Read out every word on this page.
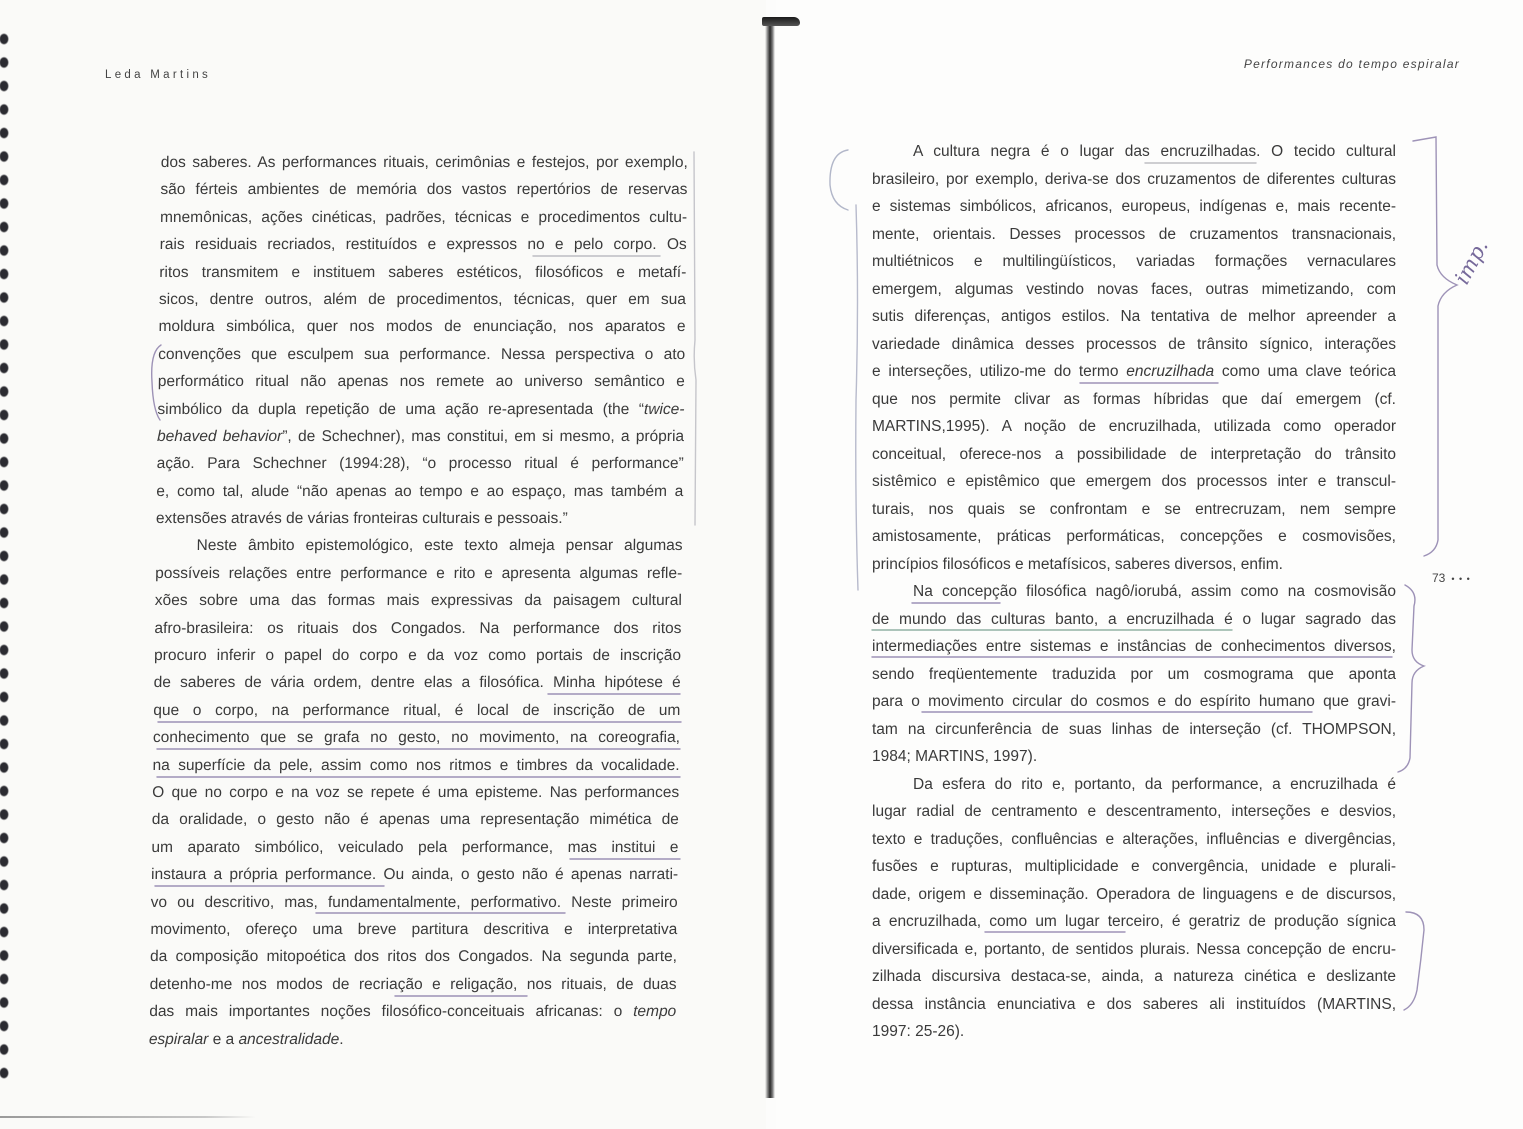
Leda Martins
dos saberes. As performances rituais, cerimônias e festejos, por exemplo,
são férteis ambientes de memória dos vastos repertórios de reservas
mnemônicas, ações cinéticas, padrões, técnicas e procedimentos cultu-
rais residuais recriados, restituídos e expressos no e pelo corpo. Os
ritos transmitem e instituem saberes estéticos, filosóficos e metafí-
sicos, dentre outros, além de procedimentos, técnicas, quer em sua
moldura simbólica, quer nos modos de enunciação, nos aparatos e
convenções que esculpem sua performance. Nessa perspectiva o ato
performático ritual não apenas nos remete ao universo semântico e
simbólico da dupla repetição de uma ação re-apresentada (the “twice-
behaved behavior”, de Schechner), mas constitui, em si mesmo, a própria
ação. Para Schechner (1994:28), “o processo ritual é performance”
e, como tal, alude “não apenas ao tempo e ao espaço, mas também a
extensões através de várias fronteiras culturais e pessoais.”
Neste âmbito epistemológico, este texto almeja pensar algumas
possíveis relações entre performance e rito e apresenta algumas refle-
xões sobre uma das formas mais expressivas da paisagem cultural
afro-brasileira: os rituais dos Congados. Na performance dos ritos
procuro inferir o papel do corpo e da voz como portais de inscrição
de saberes de vária ordem, dentre elas a filosófica. Minha hipótese é
que o corpo, na performance ritual, é local de inscrição de um
conhecimento que se grafa no gesto, no movimento, na coreografia,
na superfície da pele, assim como nos ritmos e timbres da vocalidade.
O que no corpo e na voz se repete é uma episteme. Nas performances
da oralidade, o gesto não é apenas uma representação mimética de
um aparato simbólico, veiculado pela performance, mas institui e
instaura a própria performance. Ou ainda, o gesto não é apenas narrati-
vo ou descritivo, mas, fundamentalmente, performativo. Neste primeiro
movimento, ofereço uma breve partitura descritiva e interpretativa
da composição mitopoética dos ritos dos Congados. Na segunda parte,
detenho-me nos modos de recriação e religação, nos rituais, de duas
das mais importantes noções filosófico-conceituais africanas: o tempo
espiralar e a ancestralidade.
Performances do tempo espiralar
A cultura negra é o lugar das encruzilhadas. O tecido cultural
brasileiro, por exemplo, deriva-se dos cruzamentos de diferentes culturas
e sistemas simbólicos, africanos, europeus, indígenas e, mais recente-
mente, orientais. Desses processos de cruzamentos transnacionais,
multiétnicos e multilingüísticos, variadas formações vernaculares
emergem, algumas vestindo novas faces, outras mimetizando, com
sutis diferenças, antigos estilos. Na tentativa de melhor apreender a
variedade dinâmica desses processos de trânsito sígnico, interações
e interseções, utilizo-me do termo encruzilhada como uma clave teórica
que nos permite clivar as formas híbridas que daí emergem (cf.
MARTINS,1995). A noção de encruzilhada, utilizada como operador
conceitual, oferece-nos a possibilidade de interpretação do trânsito
sistêmico e epistêmico que emergem dos processos inter e transcul-
turais, nos quais se confrontam e se entrecruzam, nem sempre
amistosamente, práticas performáticas, concepções e cosmovisões,
princípios filosóficos e metafísicos, saberes diversos, enfim.
Na concepção filosófica nagô/iorubá, assim como na cosmovisão
de mundo das culturas banto, a encruzilhada é o lugar sagrado das
intermediações entre sistemas e instâncias de conhecimentos diversos,
sendo freqüentemente traduzida por um cosmograma que aponta
para o movimento circular do cosmos e do espírito humano que gravi-
tam na circunferência de suas linhas de interseção (cf. THOMPSON,
1984; MARTINS, 1997).
Da esfera do rito e, portanto, da performance, a encruzilhada é
lugar radial de centramento e descentramento, interseções e desvios,
texto e traduções, confluências e alterações, influências e divergências,
fusões e rupturas, multiplicidade e convergência, unidade e plurali-
dade, origem e disseminação. Operadora de linguagens e de discursos,
a encruzilhada, como um lugar terceiro, é geratriz de produção sígnica
diversificada e, portanto, de sentidos plurais. Nessa concepção de encru-
zilhada discursiva destaca-se, ainda, a natureza cinética e deslizante
dessa instância enunciativa e dos saberes ali instituídos (MARTINS,
1997: 25-26).
73 • • •
imp.
